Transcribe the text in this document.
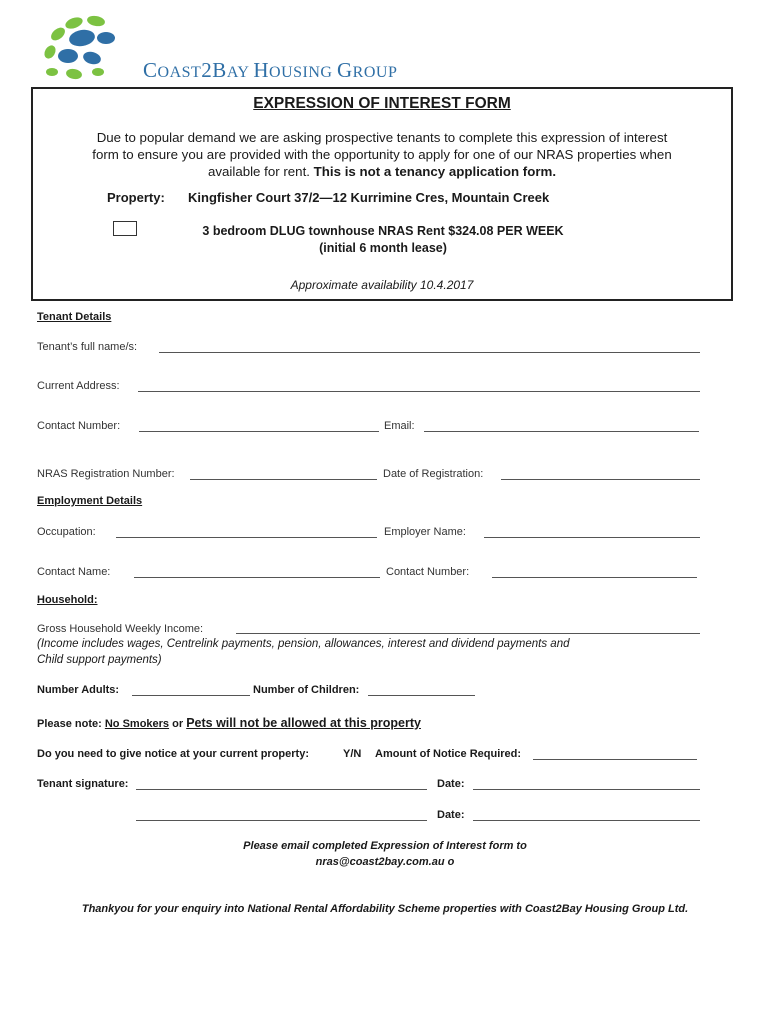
COAST2BAY HOUSING GROUP
EXPRESSION OF INTEREST FORM
Due to popular demand we are asking prospective tenants to complete this expression of interest
form to ensure you are provided with the opportunity to apply for one of our NRAS properties when
available for rent. This is not a tenancy application form.
Property: Kingfisher Court 37/2—12 Kurrimine Cres, Mountain Creek
3 bedroom DLUG townhouse NRAS Rent $324.08 PER WEEK
(initial 6 month lease)
Approximate availability 10.4.2017
Tenant Details
Tenant’s full name/s:
Current Address:
Contact Number:	Email:
NRAS Registration Number:	Date of Registration:
Employment Details
Occupation:	Employer Name:
Contact Name:	Contact Number:
Household:
Gross Household Weekly Income:
(Income includes wages, Centrelink payments, pension, allowances, interest and dividend payments and
Child support payments)
Number Adults:	Number of Children:
Please note: No Smokers or Pets will not be allowed at this property
Do you need to give notice at your current property:	Y/N Amount of Notice Required:
Tenant signature:	Date:
Date:
Please email completed Expression of Interest form to
nras@coast2bay.com.au o
Thankyou for your enquiry into National Rental Affordability Scheme properties with Coast2Bay Housing Group Ltd.
